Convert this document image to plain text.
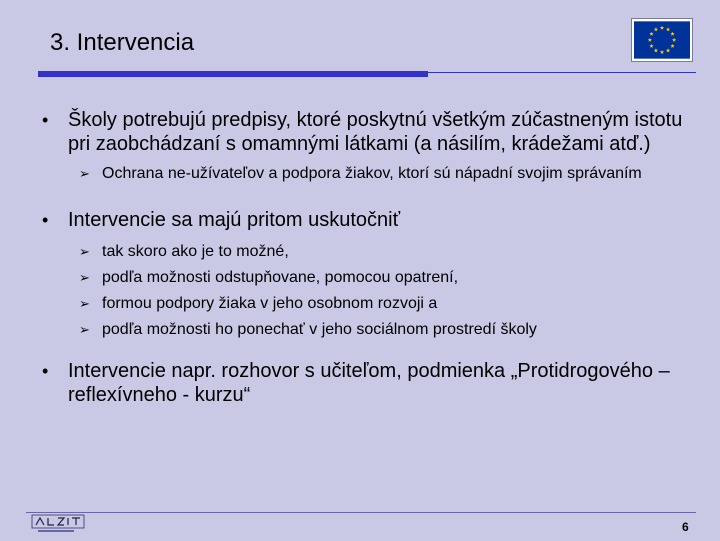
3. Intervencia
• Školy potrebujú predpisy, ktoré poskytnú všetkým zúčastneným istotu pri zaobchádzaní s omamnými látkami (a násilím, krádežami atď.)
➢ Ochrana ne-užívateľov a podpora žiakov, ktorí sú nápadní svojim správaním
• Intervencie sa majú pritom uskutočniť
➢ tak skoro ako je to možné,
➢ podľa možnosti odstupňovane, pomocou opatrení,
➢ formou podpory žiaka v jeho osobnom rozvoji a
➢ podľa možnosti ho ponechať v jeho sociálnom prostredí školy
• Intervencie napr. rozhovor s učiteľom, podmienka „Protidrogového – reflexívneho - kurzu“
6
